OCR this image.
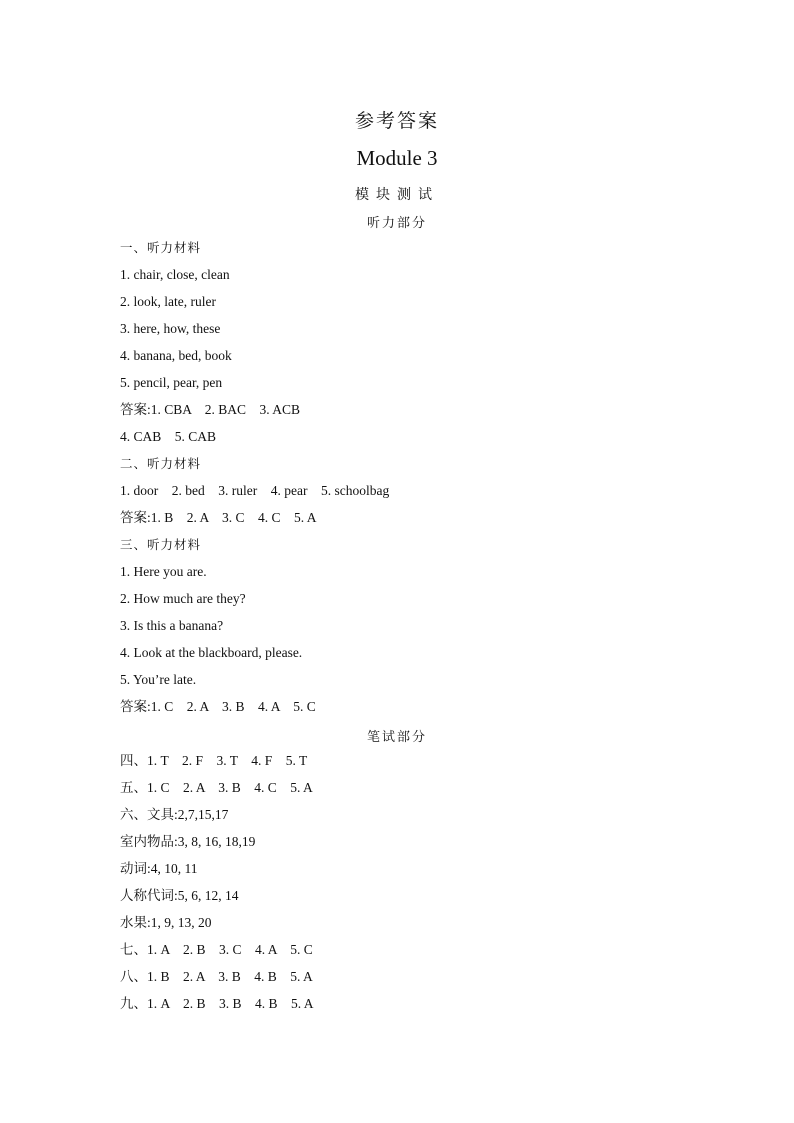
参考答案
Module 3
模块测试
听力部分
一、听力材料
1. chair, close, clean
2. look, late, ruler
3. here, how, these
4. banana, bed, book
5. pencil, pear, pen
答案:1. CBA    2. BAC    3. ACB
4. CAB    5. CAB
二、听力材料
1. door    2. bed    3. ruler    4. pear    5. schoolbag
答案:1. B    2. A    3. C    4. C    5. A
三、听力材料
1. Here you are.
2. How much are they?
3. Is this a banana?
4. Look at the blackboard, please.
5. You’re late.
答案:1. C    2. A    3. B    4. A    5. C
笔试部分
四、1. T    2. F    3. T    4. F    5. T
五、1. C    2. A    3. B    4. C    5. A
六、文具:2,7,15,17
室内物品:3, 8, 16, 18,19
动词:4, 10, 11
人称代词:5, 6, 12, 14
水果:1, 9, 13, 20
七、1. A    2. B    3. C    4. A    5. C
八、1. B    2. A    3. B    4. B    5. A
九、1. A    2. B    3. B    4. B    5. A
